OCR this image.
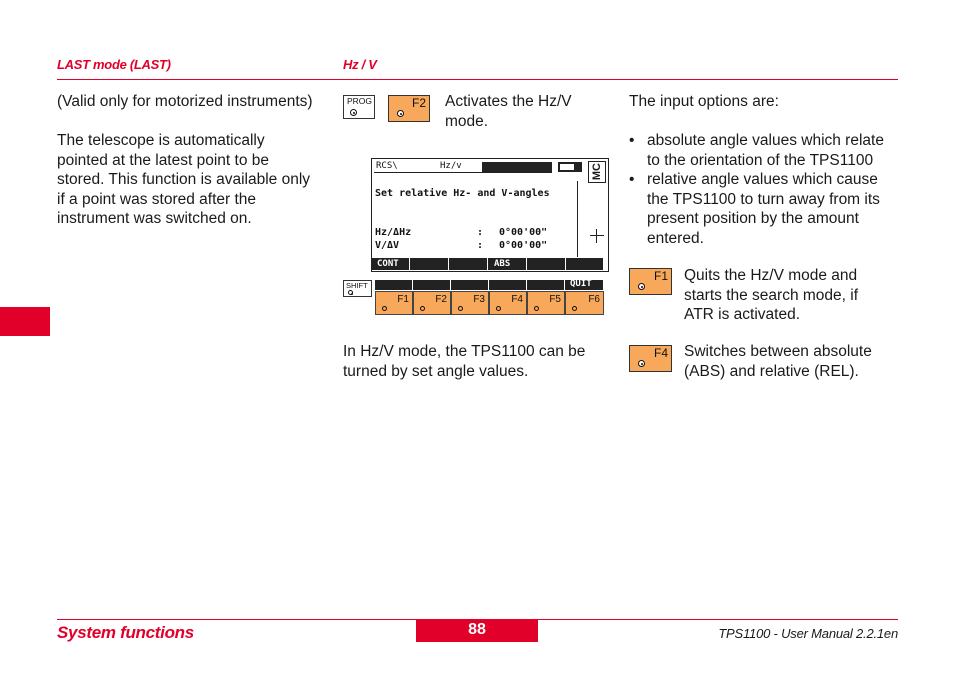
LAST mode (LAST)	Hz / V
(Valid only for motorized instruments)
The telescope is automatically
pointed at the latest point to be
stored. This function is available only
if a point was stored after the
instrument was switched on.
PROG	F2 Activates the Hz/V
mode.
RCS\	Hz/v	MC
Set relative Hz- and V-angles
Hz/ΔHz	: 0°00'00"
V/ΔV	: 0°00'00"
CONT	ABS
SHIFT	QUIT
F1	F2	F3	F4	F5	F6
In Hz/V mode, the TPS1100 can be
turned by set angle values.
The input options are:
• absolute angle values which relate
to the orientation of the TPS1100
• relative angle values which cause
the TPS1100 to turn away from its
present position by the amount
entered.
F1 Quits the Hz/V mode and
starts the search mode, if
ATR is activated.
F4 Switches between absolute
(ABS) and relative (REL).
System functions	88	TPS1100 - User Manual 2.2.1en
